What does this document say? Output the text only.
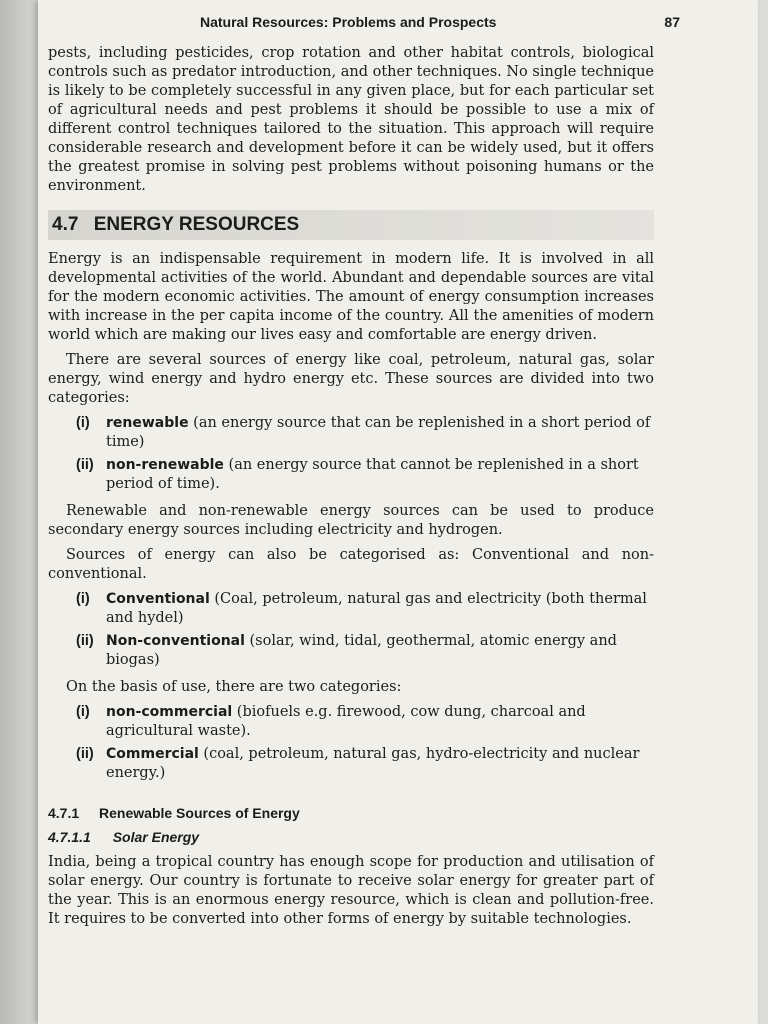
Natural Resources: Problems and Prospects	87

pests, including pesticides, crop rotation and other habitat controls, biological controls such as predator introduction, and other techniques. No single technique is likely to be completely successful in any given place, but for each particular set of agricultural needs and pest problems it should be possible to use a mix of different control techniques tailored to the situation. This approach will require considerable research and development before it can be widely used, but it offers the greatest promise in solving pest problems without poisoning humans or the environment.

4.7 ENERGY RESOURCES

Energy is an indispensable requirement in modern life. It is involved in all developmental activities of the world. Abundant and dependable sources are vital for the modern economic activities. The amount of energy consumption increases with increase in the per capita income of the country. All the amenities of modern world which are making our lives easy and comfortable are energy driven.

There are several sources of energy like coal, petroleum, natural gas, solar energy, wind energy and hydro energy etc. These sources are divided into two categories:

(i) renewable (an energy source that can be replenished in a short period of time)
(ii) non-renewable (an energy source that cannot be replenished in a short period of time).

Renewable and non-renewable energy sources can be used to produce secondary energy sources including electricity and hydrogen.

Sources of energy can also be categorised as: Conventional and non-conventional.

(i) Conventional (Coal, petroleum, natural gas and electricity (both thermal and hydel)
(ii) Non-conventional (solar, wind, tidal, geothermal, atomic energy and biogas)

On the basis of use, there are two categories:

(i) non-commercial (biofuels e.g. firewood, cow dung, charcoal and agricultural waste).
(ii) Commercial (coal, petroleum, natural gas, hydro-electricity and nuclear energy.)
4.7.1 Renewable Sources of Energy
4.7.1.1 Solar Energy

India, being a tropical country has enough scope for production and utilisation of solar energy. Our country is fortunate to receive solar energy for greater part of the year. This is an enormous energy resource, which is clean and pollution-free. It requires to be converted into other forms of energy by suitable technologies.
